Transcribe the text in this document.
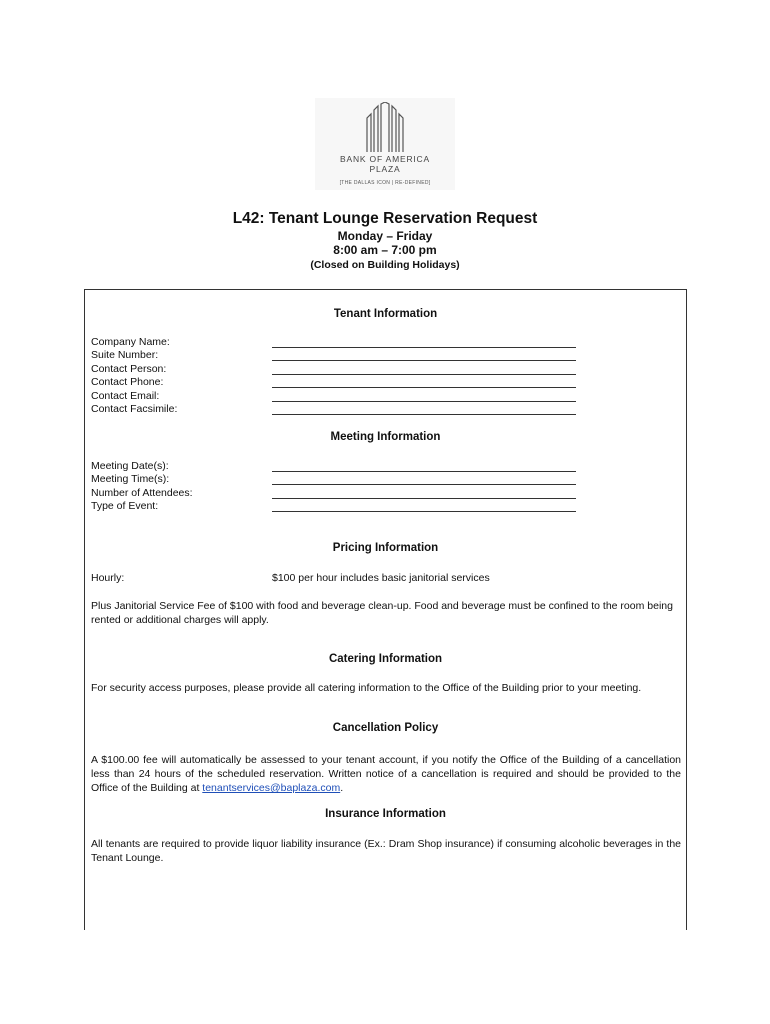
BANK OF AMERICA
PLAZA
[THE DALLAS ICON | RE-DEFINED]
L42: Tenant Lounge Reservation Request
Monday – Friday
8:00 am – 7:00 pm
(Closed on Building Holidays)
Tenant Information
Company Name:
Suite Number:
Contact Person:
Contact Phone:
Contact Email:
Contact Facsimile:
Meeting Information
Meeting Date(s):
Meeting Time(s):
Number of Attendees:
Type of Event:
Pricing Information
Hourly:	$100 per hour includes basic janitorial services
Plus Janitorial Service Fee of $100 with food and beverage clean-up. Food and beverage must be confined to the room being rented or additional charges will apply.
Catering Information
For security access purposes, please provide all catering information to the Office of the Building prior to your meeting.
Cancellation Policy
A $100.00 fee will automatically be assessed to your tenant account, if you notify the Office of the Building of a cancellation less than 24 hours of the scheduled reservation. Written notice of a cancellation is required and should be provided to the Office of the Building at tenantservices@baplaza.com.
Insurance Information
All tenants are required to provide liquor liability insurance (Ex.: Dram Shop insurance) if consuming alcoholic beverages in the Tenant Lounge.
